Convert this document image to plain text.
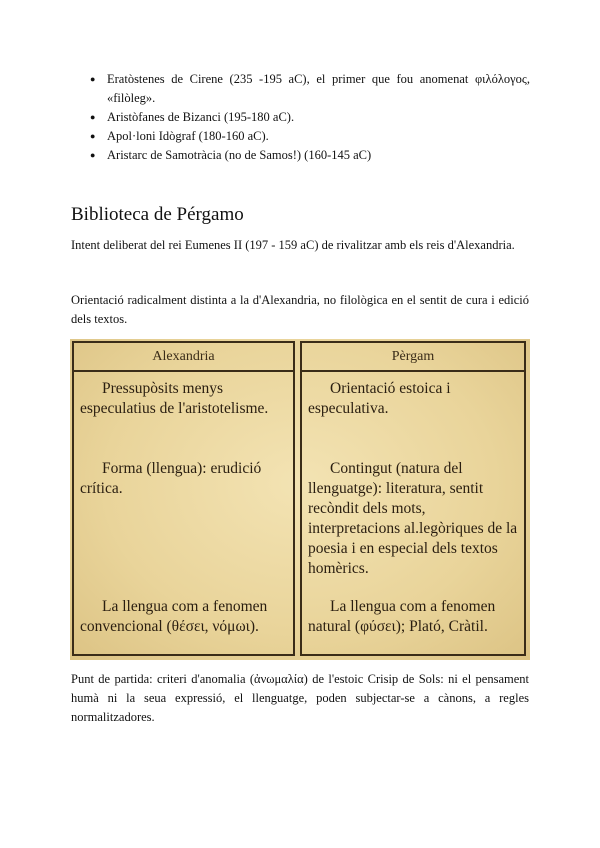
● Eratòstenes de Cirene (235 -195 aC), el primer que fou anomenat φιλόλογος, «filòleg».
● Aristòfanes de Bizanci (195-180 aC).
● Apol·loni Idògraf (180-160 aC).
● Aristarc de Samotràcia (no de Samos!) (160-145 aC)
Biblioteca de Pérgamo

Intent deliberat del rei Eumenes II (197 - 159 aC) de rivalitzar amb els reis d'Alexandria.

Orientació radicalment distinta a la d'Alexandria, no filològica en el sentit de cura i edició dels textos.

Alexandria
Pressupòsits menys especulatius de l'aristotelisme.
Forma (llengua): erudició crítica.
La llengua com a fenomen convencional (θέσει, νόμωι).
Pèrgam
Orientació estoica i especulativa.
Contingut (natura del llenguatge): literatura, sentit recòndit dels mots, interpretacions al.legòriques de la poesia i en especial dels textos homèrics.
La llengua com a fenomen natural (φύσει); Plató, Cràtil.

Punt de partida: criteri d'anomalia (ἀνωμαλία) de l'estoic Crisip de Sols: ni el pensament humà ni la seua expressió, el llenguatge, poden subjectar-se a cànons, a regles normalitzadores.
